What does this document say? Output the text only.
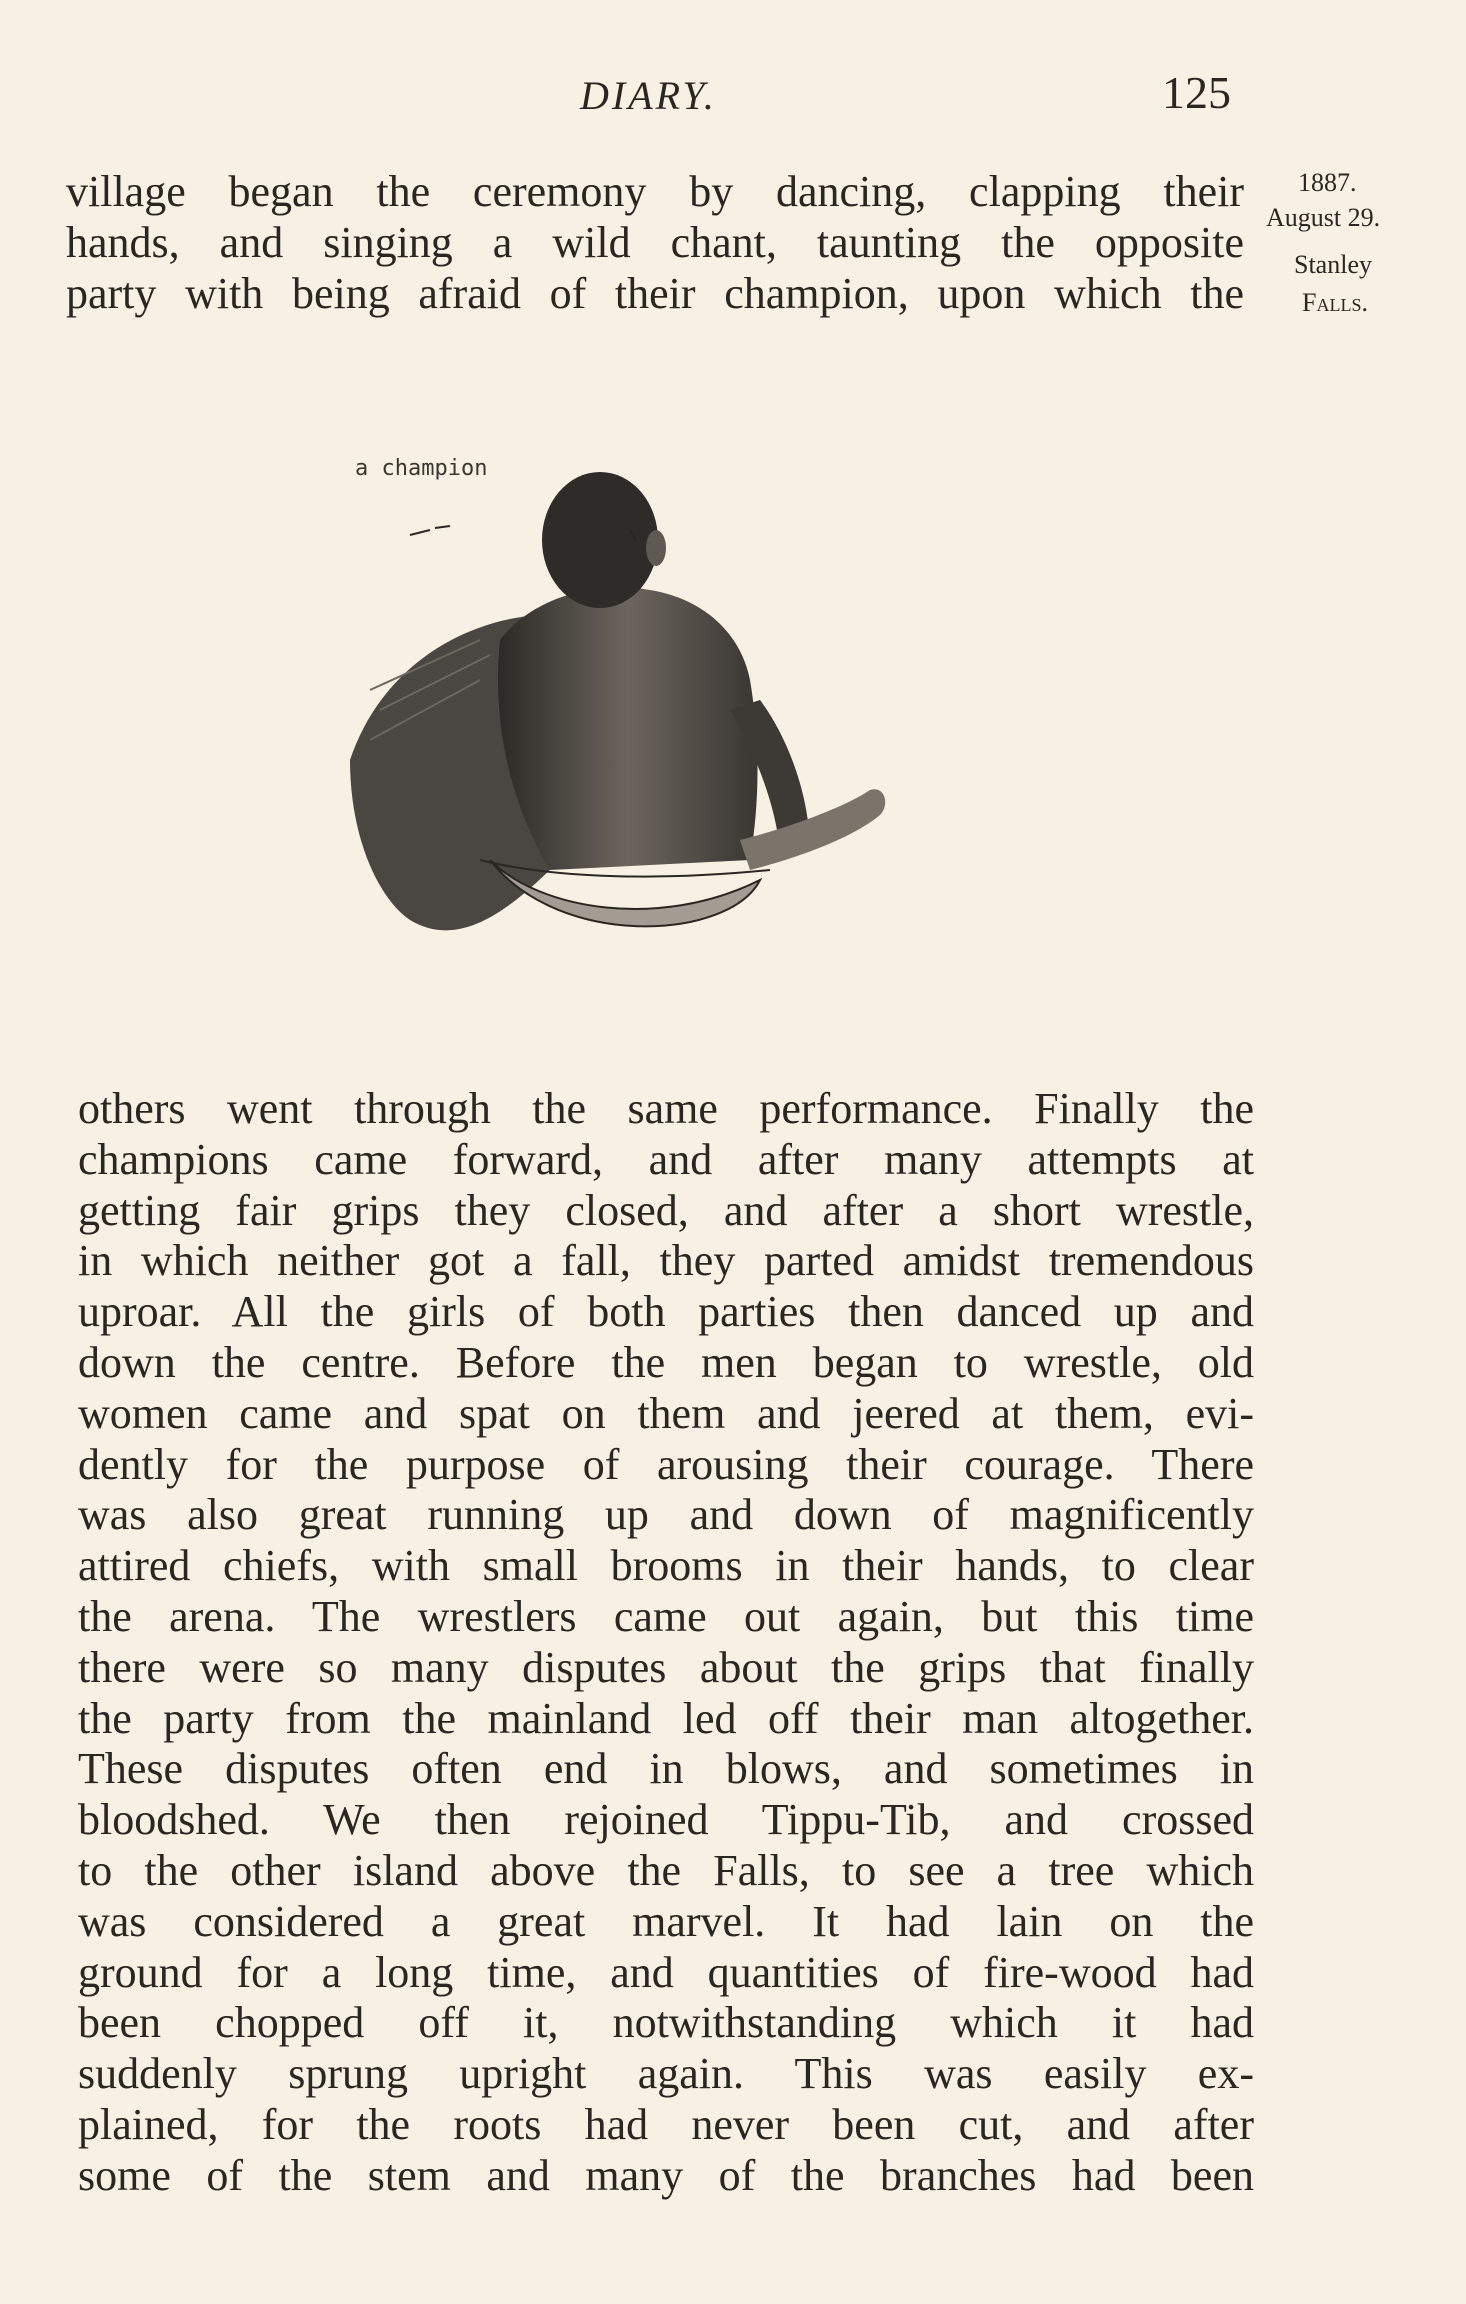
DIARY.	125
1887.
August 29.
Stanley
Falls.
village began the ceremony by dancing, clapping their
hands, and singing a wild chant, taunting the opposite
party with being afraid of their champion, upon which the
a champion
others went through the same performance. Finally the
champions came forward, and after many attempts at
getting fair grips they closed, and after a short wrestle,
in which neither got a fall, they parted amidst tremendous
uproar. All the girls of both parties then danced up and
down the centre. Before the men began to wrestle, old
women came and spat on them and jeered at them, evi-
dently for the purpose of arousing their courage. There
was also great running up and down of magnificently
attired chiefs, with small brooms in their hands, to clear
the arena. The wrestlers came out again, but this time
there were so many disputes about the grips that finally
the party from the mainland led off their man altogether.
These disputes often end in blows, and sometimes in
bloodshed. We then rejoined Tippu-Tib, and crossed
to the other island above the Falls, to see a tree which
was considered a great marvel. It had lain on the
ground for a long time, and quantities of fire-wood had
been chopped off it, notwithstanding which it had
suddenly sprung upright again. This was easily ex-
plained, for the roots had never been cut, and after
some of the stem and many of the branches had been
